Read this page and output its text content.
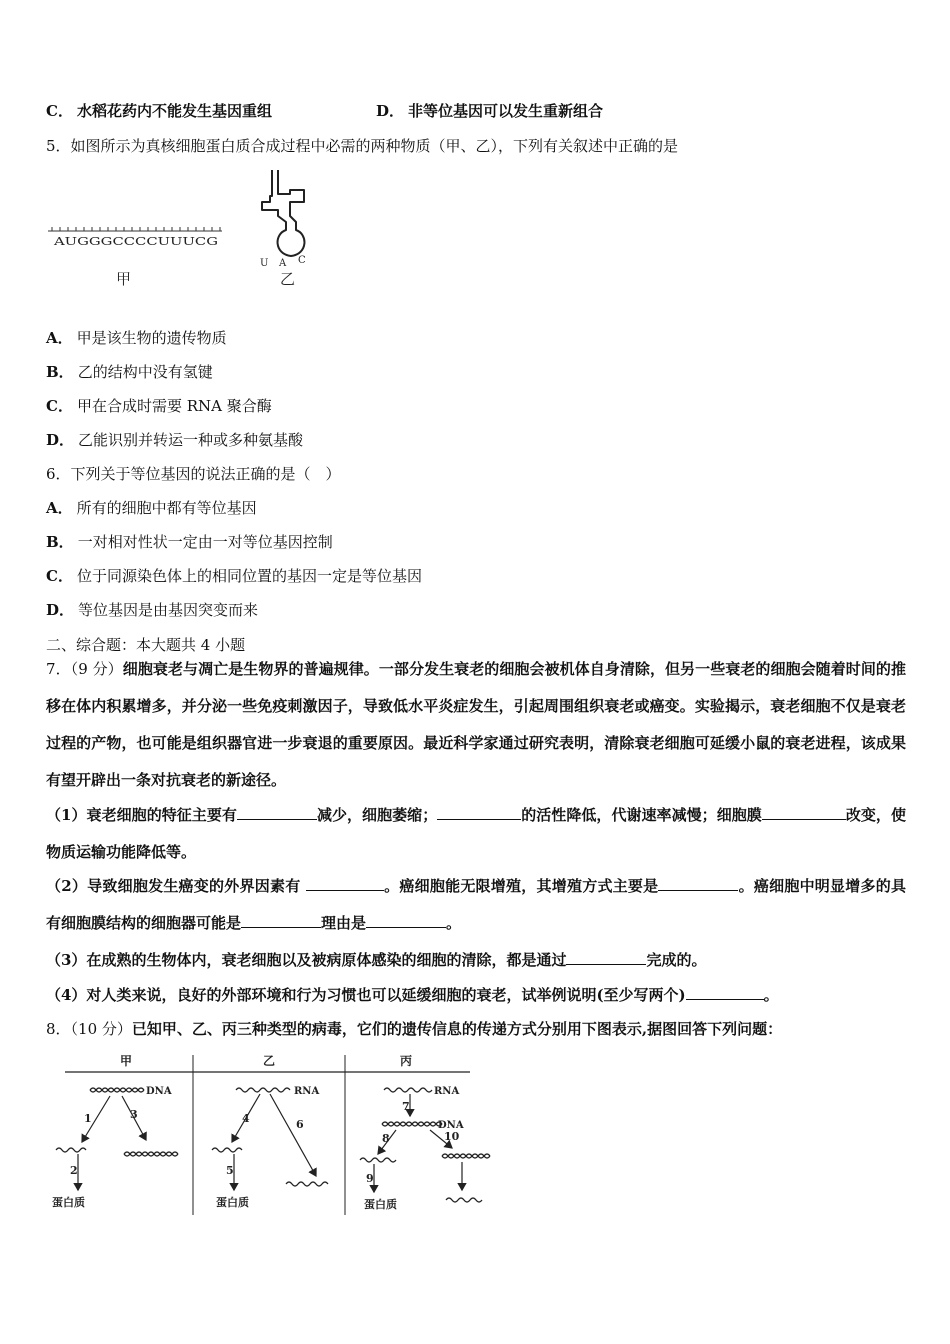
C． 水稻花药内不能发生基因重组	D． 非等位基因可以发生重新组合
5．如图所示为真核细胞蛋白质合成过程中必需的两种物质（甲、乙），下列有关叙述中正确的是
AUGGGCCCCUUUCG
甲
U A C
乙
A． 甲是该生物的遗传物质
B． 乙的结构中没有氢键
C． 甲在合成时需要 RNA 聚合酶
D． 乙能识别并转运一种或多种氨基酸
6．下列关于等位基因的说法正确的是（　）
A． 所有的细胞中都有等位基因
B． 一对相对性状一定由一对等位基因控制
C． 位于同源染色体上的相同位置的基因一定是等位基因
D． 等位基因是由基因突变而来
二、综合题：本大题共 4 小题
7．（9 分）细胞衰老与凋亡是生物界的普遍规律。一部分发生衰老的细胞会被机体自身清除，但另一些衰老的细胞会随着时间的推移在体内积累增多，并分泌一些免疫刺激因子，导致低水平炎症发生，引起周围组织衰老或癌变。实验揭示，衰老细胞不仅是衰老过程的产物，也可能是组织器官进一步衰退的重要原因。最近科学家通过研究表明，清除衰老细胞可延缓小鼠的衰老进程，该成果有望开辟出一条对抗衰老的新途径。
（1）衰老细胞的特征主要有	减少，细胞萎缩；	的活性降低，代谢速率减慢；细胞膜	改变，使物质运输功能降低等。
（2）导致细胞发生癌变的外界因素有	。癌细胞能无限增殖，其增殖方式主要是	。癌细胞中明显增多的具有细胞膜结构的细胞器可能是	理由是	。
（3）在成熟的生物体内，衰老细胞以及被病原体感染的细胞的清除，都是通过	完成的。
（4）对人类来说，良好的外部环境和行为习惯也可以延缓细胞的衰老，试举例说明(至少写两个)	。
8．（10 分）已知甲、乙、丙三种类型的病毒，它们的遗传信息的传递方式分别用下图表示,据图回答下列问题：
甲	乙	丙
DNA
1	3
2
蛋白质
RNA
4	6
5
蛋白质
RNA
7
DNA
8	10
9
蛋白质
